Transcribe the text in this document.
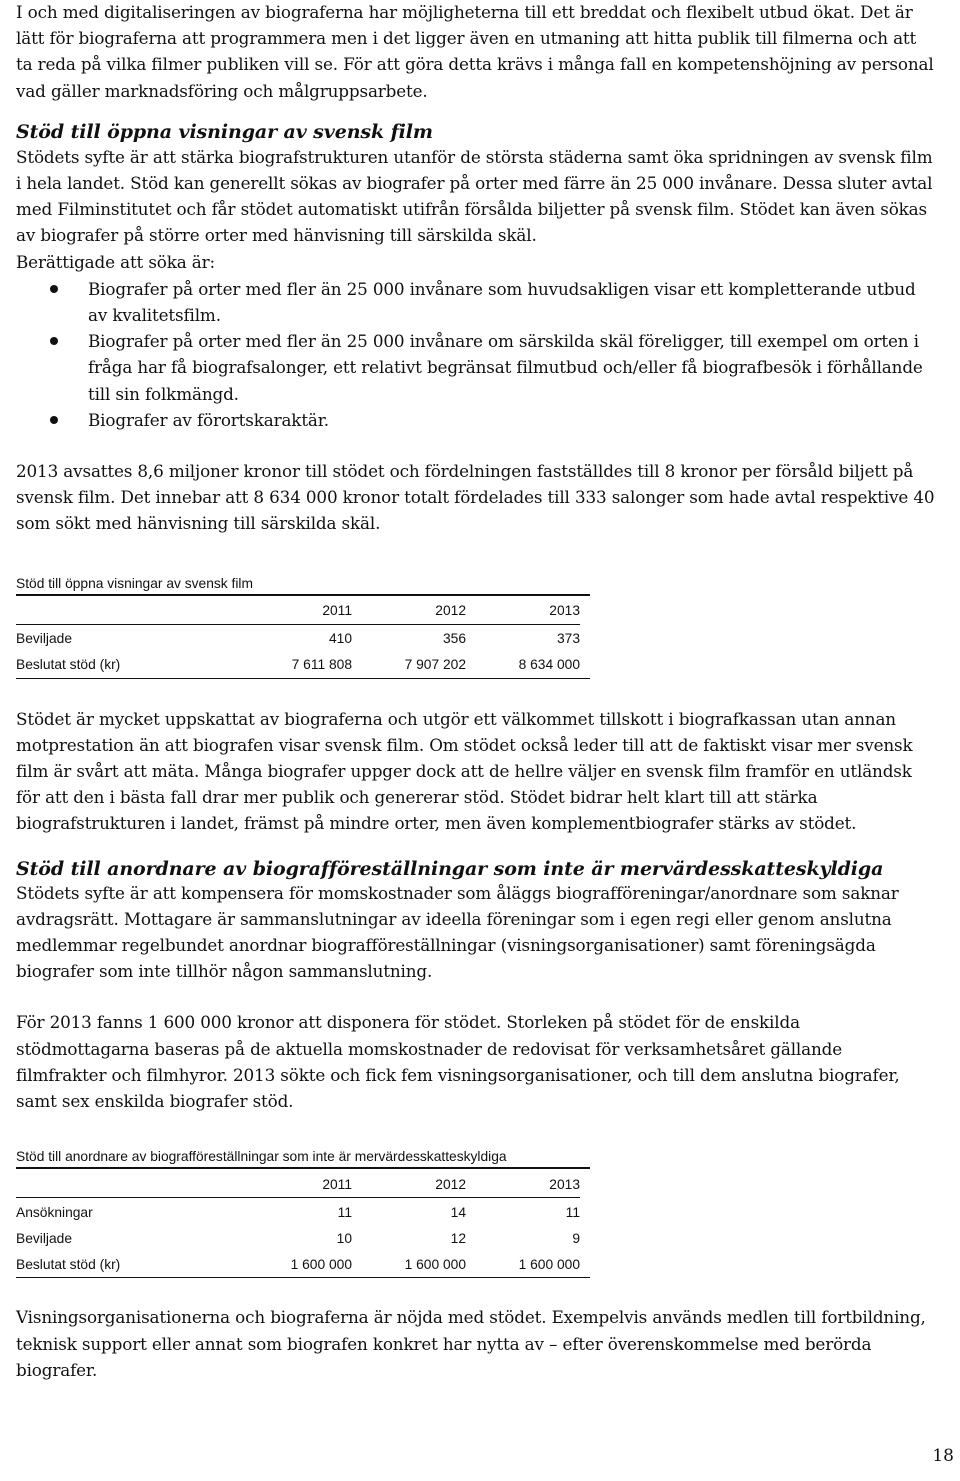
I och med digitaliseringen av biograferna har möjligheterna till ett breddat och flexibelt utbud ökat. Det är lätt för biograferna att programmera men i det ligger även en utmaning att hitta publik till filmerna och att ta reda på vilka filmer publiken vill se. För att göra detta krävs i många fall en kompetenshöjning av personal vad gäller marknadsföring och målgruppsarbete.

Stöd till öppna visningar av svensk film

Stödets syfte är att stärka biografstrukturen utanför de största städerna samt öka spridningen av svensk film i hela landet. Stöd kan generellt sökas av biografer på orter med färre än 25 000 invånare. Dessa sluter avtal med Filminstitutet och får stödet automatiskt utifrån försålda biljetter på svensk film. Stödet kan även sökas av biografer på större orter med hänvisning till särskilda skäl.

Berättigade att söka är:

Biografer på orter med fler än 25 000 invånare som huvudsakligen visar ett kompletterande utbud av kvalitetsfilm.
Biografer på orter med fler än 25 000 invånare om särskilda skäl föreligger, till exempel om orten i fråga har få biografsalonger, ett relativt begränsat filmutbud och/eller få biografbesök i förhållande till sin folkmängd.
Biografer av förortskaraktär.

2013 avsattes 8,6 miljoner kronor till stödet och fördelningen fastställdes till 8 kronor per försåld biljett på svensk film. Det innebar att 8 634 000 kronor totalt fördelades till 333 salonger som hade avtal respektive 40 som sökt med hänvisning till särskilda skäl.

Stöd till öppna visningar av svensk film
2011	2012	2013
Beviljade	410	356	373
Beslutat stöd (kr)	7 611 808	7 907 202	8 634 000

Stödet är mycket uppskattat av biograferna och utgör ett välkommet tillskott i biografkassan utan annan motprestation än att biografen visar svensk film. Om stödet också leder till att de faktiskt visar mer svensk film är svårt att mäta. Många biografer uppger dock att de hellre väljer en svensk film framför en utländsk för att den i bästa fall drar mer publik och genererar stöd. Stödet bidrar helt klart till att stärka biografstrukturen i landet, främst på mindre orter, men även komplementbiografer stärks av stödet.

Stöd till anordnare av biografföreställningar som inte är mervärdesskatteskyldiga

Stödets syfte är att kompensera för momskostnader som åläggs biografföreningar/anordnare som saknar avdragsrätt. Mottagare är sammanslutningar av ideella föreningar som i egen regi eller genom anslutna medlemmar regelbundet anordnar biografföreställningar (visningsorganisationer) samt föreningsägda biografer som inte tillhör någon sammanslutning.

För 2013 fanns 1 600 000 kronor att disponera för stödet. Storleken på stödet för de enskilda stödmottagarna baseras på de aktuella momskostnader de redovisat för verksamhetsåret gällande filmfrakter och filmhyror. 2013 sökte och fick fem visningsorganisationer, och till dem anslutna biografer, samt sex enskilda biografer stöd.

Stöd till anordnare av biografföreställningar som inte är mervärdesskatteskyldiga
2011	2012	2013
Ansökningar	11	14	11
Beviljade	10	12	9
Beslutat stöd (kr)	1 600 000	1 600 000	1 600 000

Visningsorganisationerna och biograferna är nöjda med stödet. Exempelvis används medlen till fortbildning, teknisk support eller annat som biografen konkret har nytta av – efter överenskommelse med berörda biografer.

18
